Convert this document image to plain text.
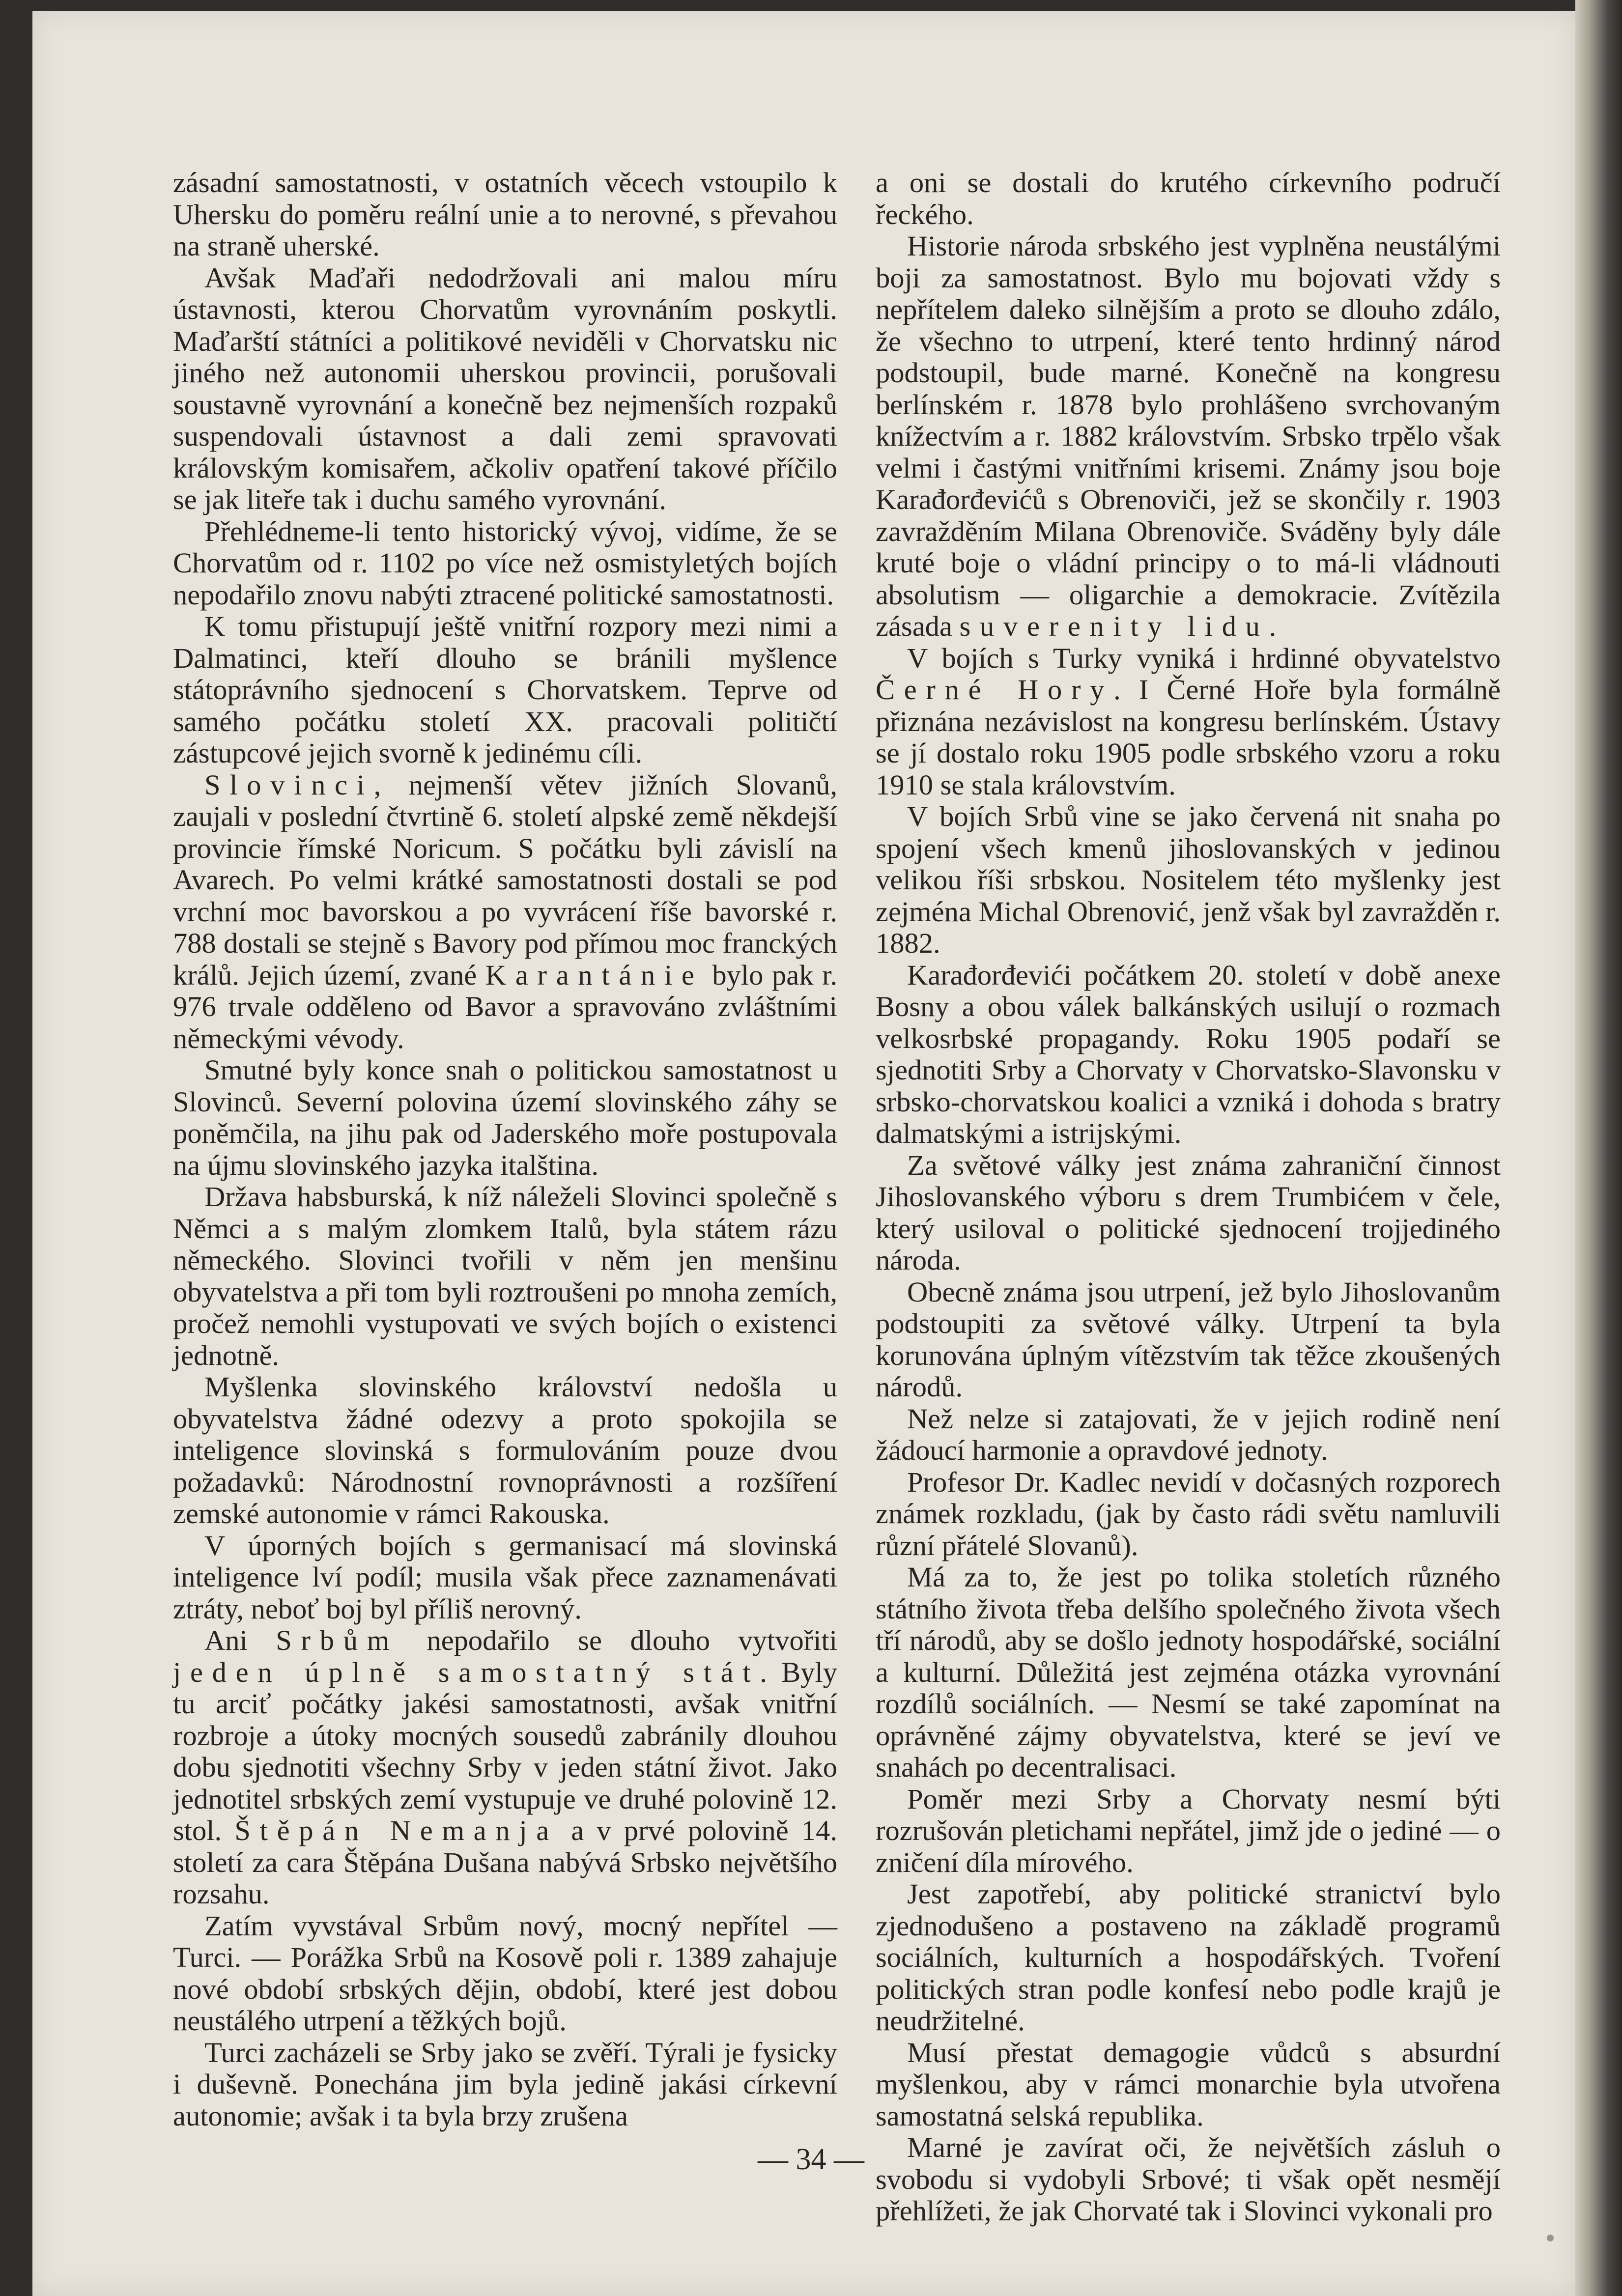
zásadní samostatnosti, v ostatních věcech vstoupilo k Uhersku do poměru reální unie a to nerovné, s převahou na straně uherské.

Avšak Maďaři nedodržovali ani malou míru ústavnosti, kterou Chorvatům vyrovnáním poskytli. Maďarští státníci a politikové neviděli v Chorvatsku nic jiného než autonomii uherskou provincii, porušovali soustavně vyrovnání a konečně bez nejmenších rozpaků suspendovali ústavnost a dali zemi spravovati královským komisařem, ačkoliv opatření takové příčilo se jak liteře tak i duchu samého vyrovnání.

Přehlédneme-li tento historický vývoj, vidíme, že se Chorvatům od r. 1102 po více než osmistyletých bojích nepodařilo znovu nabýti ztracené politické samostatnosti.

K tomu přistupují ještě vnitřní rozpory mezi nimi a Dalmatinci, kteří dlouho se bránili myšlence státoprávního sjednocení s Chorvatskem. Teprve od samého počátku století XX. pracovali političtí zástupcové jejich svorně k jedinému cíli.

Slovinci, nejmenší větev jižních Slovanů, zaujali v poslední čtvrtině 6. století alpské země někdejší provincie římské Noricum. S počátku byli závislí na Avarech. Po velmi krátké samostatnosti dostali se pod vrchní moc bavorskou a po vyvrácení říše bavorské r. 788 dostali se stejně s Bavory pod přímou moc franckých králů. Jejich území, zvané Karantánie bylo pak r. 976 trvale odděleno od Bavor a spravováno zvláštními německými vévody.

Smutné byly konce snah o politickou samostatnost u Slovinců. Severní polovina území slovinského záhy se poněmčila, na jihu pak od Jaderského moře postupovala na újmu slovinského jazyka italština.

Država habsburská, k níž náleželi Slovinci společně s Němci a s malým zlomkem Italů, byla státem rázu německého. Slovinci tvořili v něm jen menšinu obyvatelstva a při tom byli roztroušeni po mnoha zemích, pročež nemohli vystupovati ve svých bojích o existenci jednotně.

Myšlenka slovinského království nedošla u obyvatelstva žádné odezvy a proto spokojila se inteligence slovinská s formulováním pouze dvou požadavků: Národnostní rovnoprávnosti a rozšíření zemské autonomie v rámci Rakouska.

V úporných bojích s germanisací má slovinská inteligence lví podíl; musila však přece zaznamenávati ztráty, neboť boj byl příliš nerovný.

Ani Srbům nepodařilo se dlouho vytvořiti jeden úplně samostatný stát. Byly tu arciť počátky jakési samostatnosti, avšak vnitřní rozbroje a útoky mocných sousedů zabránily dlouhou dobu sjednotiti všechny Srby v jeden státní život. Jako jednotitel srbských zemí vystupuje ve druhé polovině 12. stol. Štěpán Nemanja a v prvé polovině 14. století za cara Štěpána Dušana nabývá Srbsko největšího rozsahu.

Zatím vyvstával Srbům nový, mocný nepřítel — Turci. — Porážka Srbů na Kosově poli r. 1389 zahajuje nové období srbských dějin, období, které jest dobou neustálého utrpení a těžkých bojů.

Turci zacházeli se Srby jako se zvěří. Týrali je fysicky i duševně. Ponechána jim byla jedině jakási církevní autonomie; avšak i ta byla brzy zrušena

a oni se dostali do krutého církevního područí řeckého.

Historie národa srbského jest vyplněna neustálými boji za samostatnost. Bylo mu bojovati vždy s nepřítelem daleko silnějším a proto se dlouho zdálo, že všechno to utrpení, které tento hrdinný národ podstoupil, bude marné. Konečně na kongresu berlínském r. 1878 bylo prohlášeno svrchovaným knížectvím a r. 1882 královstvím. Srbsko trpělo však velmi i častými vnitřními krisemi. Známy jsou boje Karađorđevićů s Obrenoviči, jež se skončily r. 1903 zavražděním Milana Obrenoviče. Sváděny byly dále kruté boje o vládní principy o to má-li vládnouti absolutism — oligarchie a demokracie. Zvítězila zásada suverenity lidu.

V bojích s Turky vyniká i hrdinné obyvatelstvo Černé Hory. I Černé Hoře byla formálně přiznána nezávislost na kongresu berlínském. Ústavy se jí dostalo roku 1905 podle srbského vzoru a roku 1910 se stala královstvím.

V bojích Srbů vine se jako červená nit snaha po spojení všech kmenů jihoslovanských v jedinou velikou říši srbskou. Nositelem této myšlenky jest zejména Michal Obrenović, jenž však byl zavražděn r. 1882.

Karađorđevići počátkem 20. století v době anexe Bosny a obou válek balkánských usilují o rozmach velkosrbské propagandy. Roku 1905 podaří se sjednotiti Srby a Chorvaty v Chorvatsko-Slavonsku v srbsko-chorvatskou koalici a vzniká i dohoda s bratry dalmatskými a istrijskými.

Za světové války jest známa zahraniční činnost Jihoslovanského výboru s drem Trumbićem v čele, který usiloval o politické sjednocení trojjediného národa.

Obecně známa jsou utrpení, jež bylo Jihoslovanům podstoupiti za světové války. Utrpení ta byla korunována úplným vítězstvím tak těžce zkoušených národů.

Než nelze si zatajovati, že v jejich rodině není žádoucí harmonie a opravdové jednoty.

Profesor Dr. Kadlec nevidí v dočasných rozporech známek rozkladu, (jak by často rádi světu namluvili různí přátelé Slovanů).

Má za to, že jest po tolika stoletích různého státního života třeba delšího společného života všech tří národů, aby se došlo jednoty hospodářské, sociální a kulturní. Důležitá jest zejména otázka vyrovnání rozdílů sociálních. — Nesmí se také zapomínat na oprávněné zájmy obyvatelstva, které se jeví ve snahách po decentralisaci.

Poměr mezi Srby a Chorvaty nesmí býti rozrušován pletichami nepřátel, jimž jde o jediné — o zničení díla mírového.

Jest zapotřebí, aby politické stranictví bylo zjednodušeno a postaveno na základě programů sociálních, kulturních a hospodářských. Tvoření politických stran podle konfesí nebo podle krajů je neudržitelné.

Musí přestat demagogie vůdců s absurdní myšlenkou, aby v rámci monarchie byla utvořena samostatná selská republika.

Marné je zavírat oči, že největších zásluh o svobodu si vydobyli Srbové; ti však opět nesmějí přehlížeti, že jak Chorvaté tak i Slovinci vykonali pro

— 34 —
